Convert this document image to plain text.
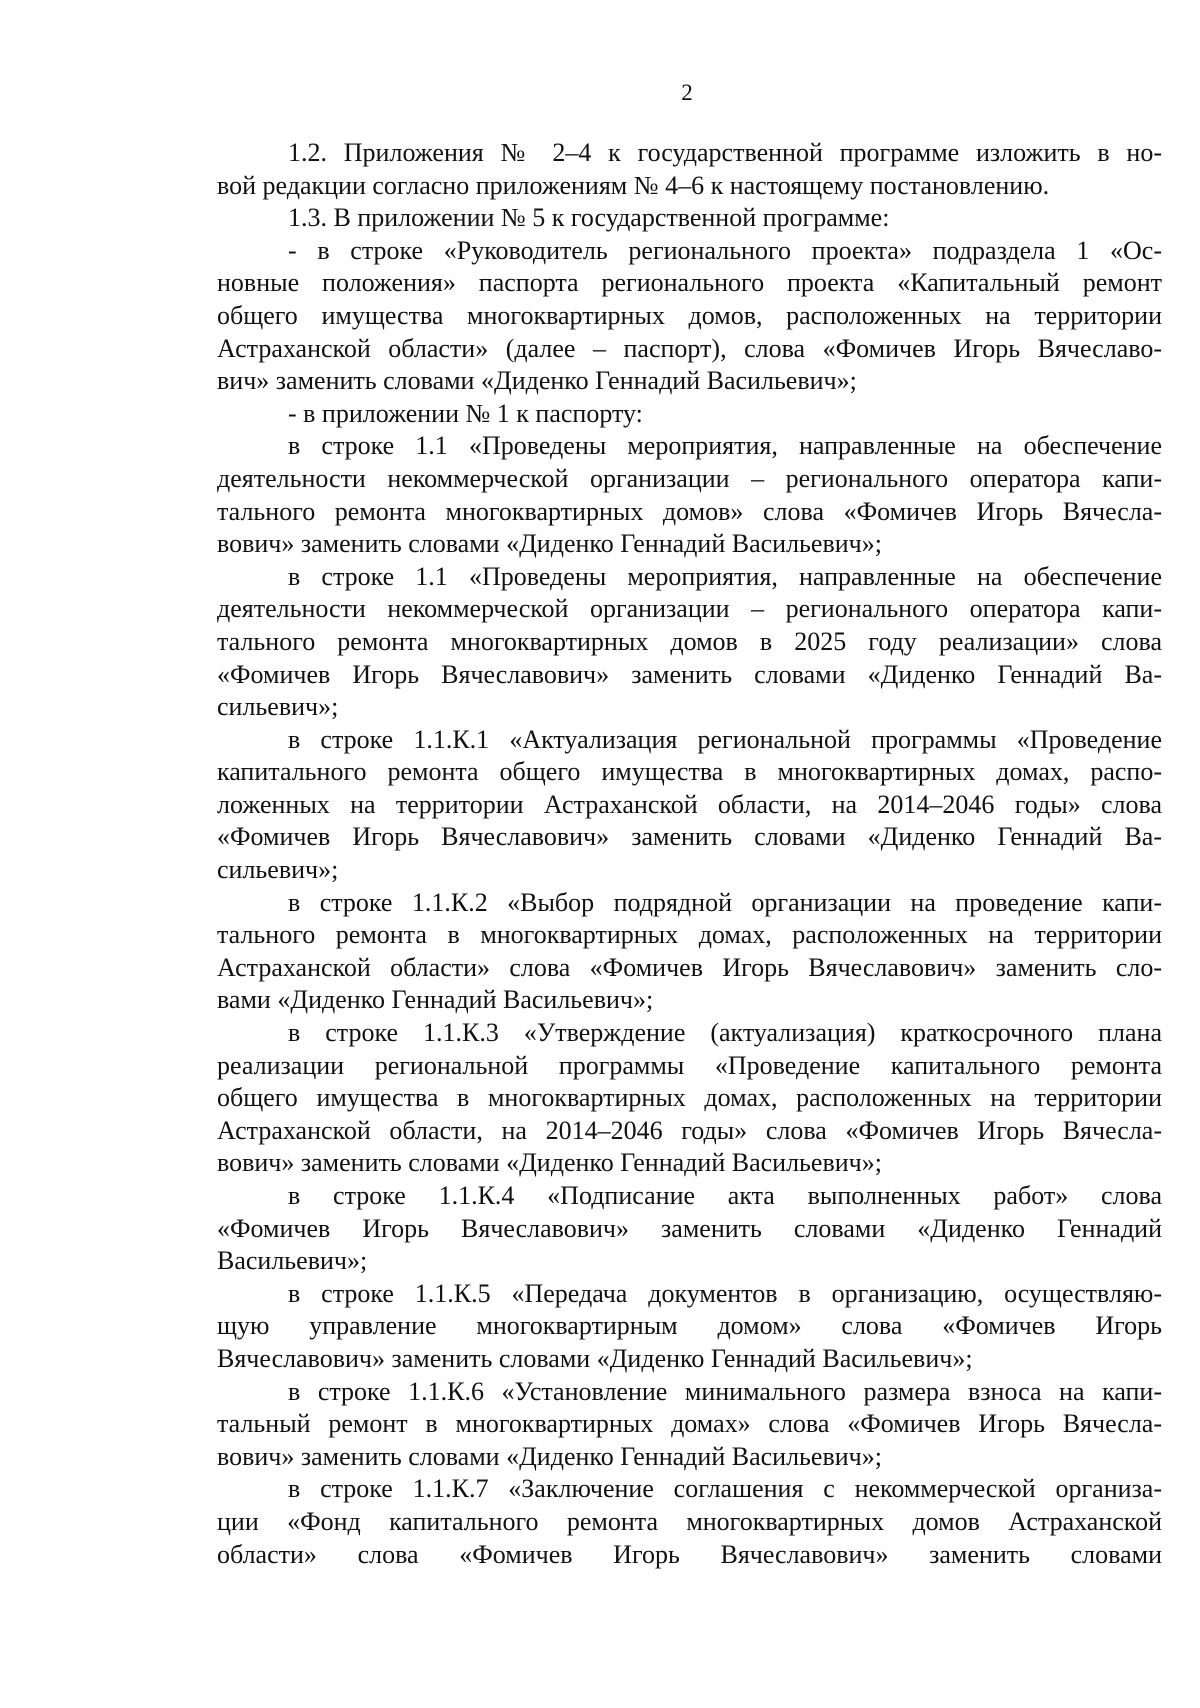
2
1.2. Приложения № 2–4 к государственной программе изложить в но-
вой редакции согласно приложениям № 4–6 к настоящему постановлению.
1.3. В приложении № 5 к государственной программе:
- в строке «Руководитель регионального проекта» подраздела 1 «Ос-
новные положения» паспорта регионального проекта «Капитальный ремонт
общего имущества многоквартирных домов, расположенных на территории
Астраханской области» (далее – паспорт), слова «Фомичев Игорь Вячеславо-
вич» заменить словами «Диденко Геннадий Васильевич»;
- в приложении № 1 к паспорту:
в строке 1.1 «Проведены мероприятия, направленные на обеспечение
деятельности некоммерческой организации – регионального оператора капи-
тального ремонта многоквартирных домов» слова «Фомичев Игорь Вячесла-
вович» заменить словами «Диденко Геннадий Васильевич»;
в строке 1.1 «Проведены мероприятия, направленные на обеспечение
деятельности некоммерческой организации – регионального оператора капи-
тального ремонта многоквартирных домов в 2025 году реализации» слова
«Фомичев Игорь Вячеславович» заменить словами «Диденко Геннадий Ва-
сильевич»;
в строке 1.1.К.1 «Актуализация региональной программы «Проведение
капитального ремонта общего имущества в многоквартирных домах, распо-
ложенных на территории Астраханской области, на 2014–2046 годы» слова
«Фомичев Игорь Вячеславович» заменить словами «Диденко Геннадий Ва-
сильевич»;
в строке 1.1.К.2 «Выбор подрядной организации на проведение капи-
тального ремонта в многоквартирных домах, расположенных на территории
Астраханской области» слова «Фомичев Игорь Вячеславович» заменить сло-
вами «Диденко Геннадий Васильевич»;
в строке 1.1.К.3 «Утверждение (актуализация) краткосрочного плана
реализации региональной программы «Проведение капитального ремонта
общего имущества в многоквартирных домах, расположенных на территории
Астраханской области, на 2014–2046 годы» слова «Фомичев Игорь Вячесла-
вович» заменить словами «Диденко Геннадий Васильевич»;
в строке 1.1.К.4 «Подписание акта выполненных работ» слова
«Фомичев Игорь Вячеславович» заменить словами «Диденко Геннадий
Васильевич»;
в строке 1.1.К.5 «Передача документов в организацию, осуществляю-
щую управление многоквартирным домом» слова «Фомичев Игорь
Вячеславович» заменить словами «Диденко Геннадий Васильевич»;
в строке 1.1.К.6 «Установление минимального размера взноса на капи-
тальный ремонт в многоквартирных домах» слова «Фомичев Игорь Вячесла-
вович» заменить словами «Диденко Геннадий Васильевич»;
в строке 1.1.К.7 «Заключение соглашения с некоммерческой организа-
ции «Фонд капитального ремонта многоквартирных домов Астраханской
области» слова «Фомичев Игорь Вячеславович» заменить словами
